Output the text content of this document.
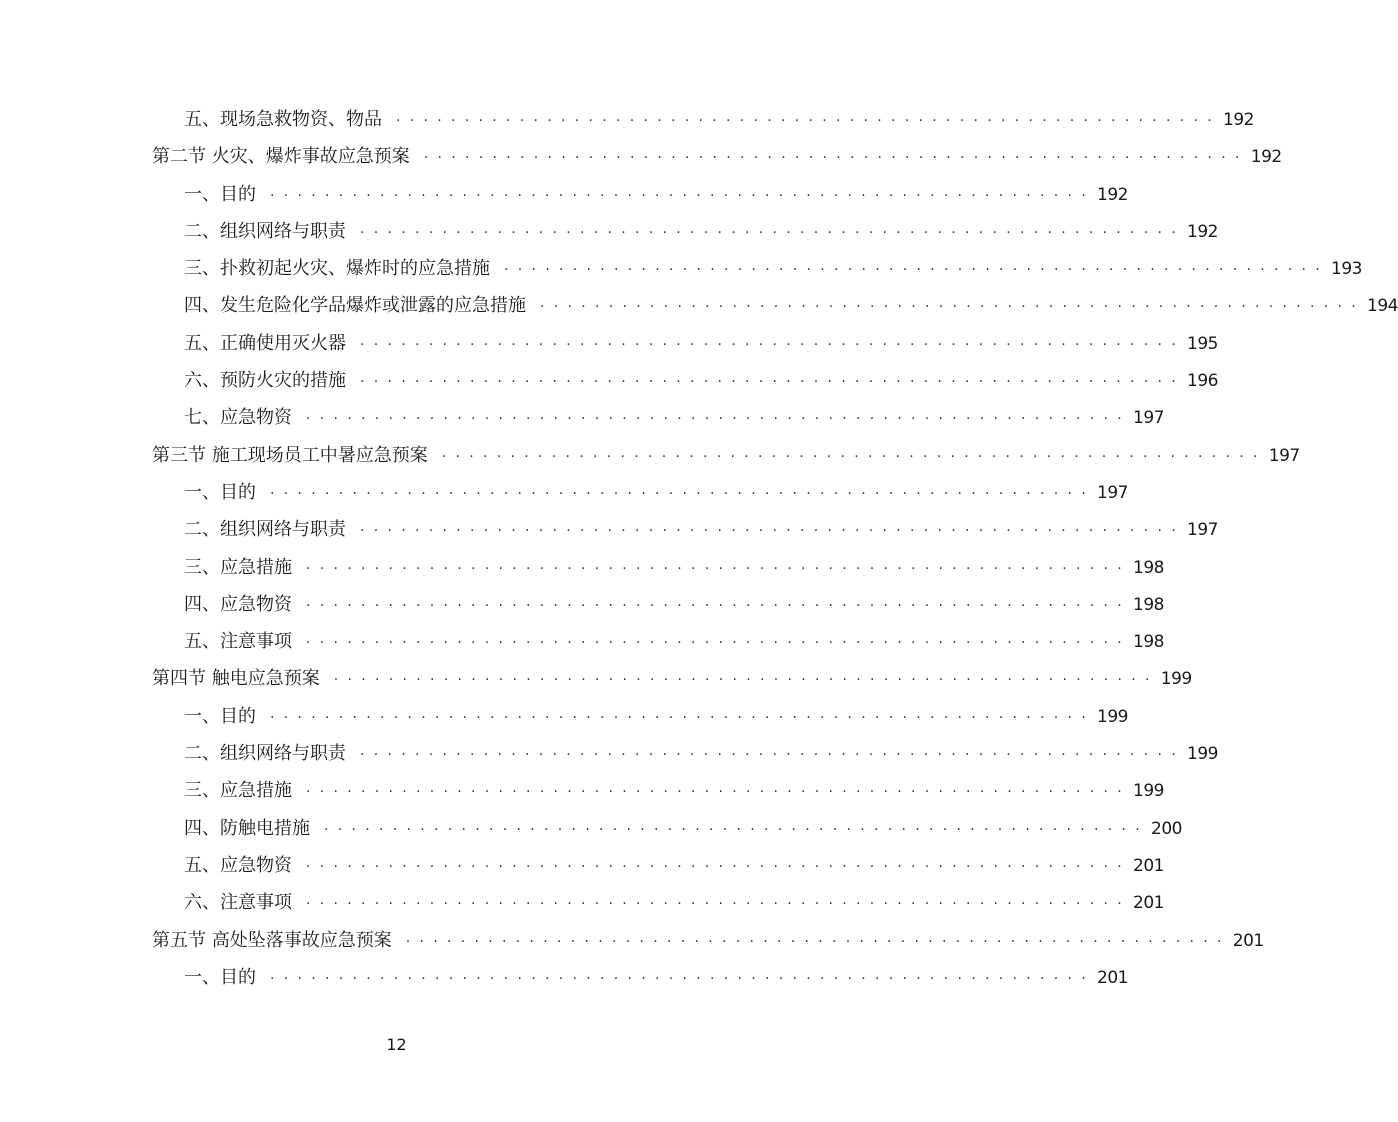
五、现场急救物资、物品 ···························································· 192
第二节 火灾、爆炸事故应急预案 ···························································· 192
一、目的 ···························································· 192
二、组织网络与职责 ···························································· 192
三、扑救初起火灾、爆炸时的应急措施 ···························································· 193
四、发生危险化学品爆炸或泄露的应急措施 ···························································· 194
五、正确使用灭火器 ···························································· 195
六、预防火灾的措施 ···························································· 196
七、应急物资 ···························································· 197
第三节 施工现场员工中暑应急预案 ···························································· 197
一、目的 ···························································· 197
二、组织网络与职责 ···························································· 197
三、应急措施 ···························································· 198
四、应急物资 ···························································· 198
五、注意事项 ···························································· 198
第四节 触电应急预案 ···························································· 199
一、目的 ···························································· 199
二、组织网络与职责 ···························································· 199
三、应急措施 ···························································· 199
四、防触电措施 ···························································· 200
五、应急物资 ···························································· 201
六、注意事项 ···························································· 201
第五节 高处坠落事故应急预案 ···························································· 201
一、目的 ···························································· 201
12
